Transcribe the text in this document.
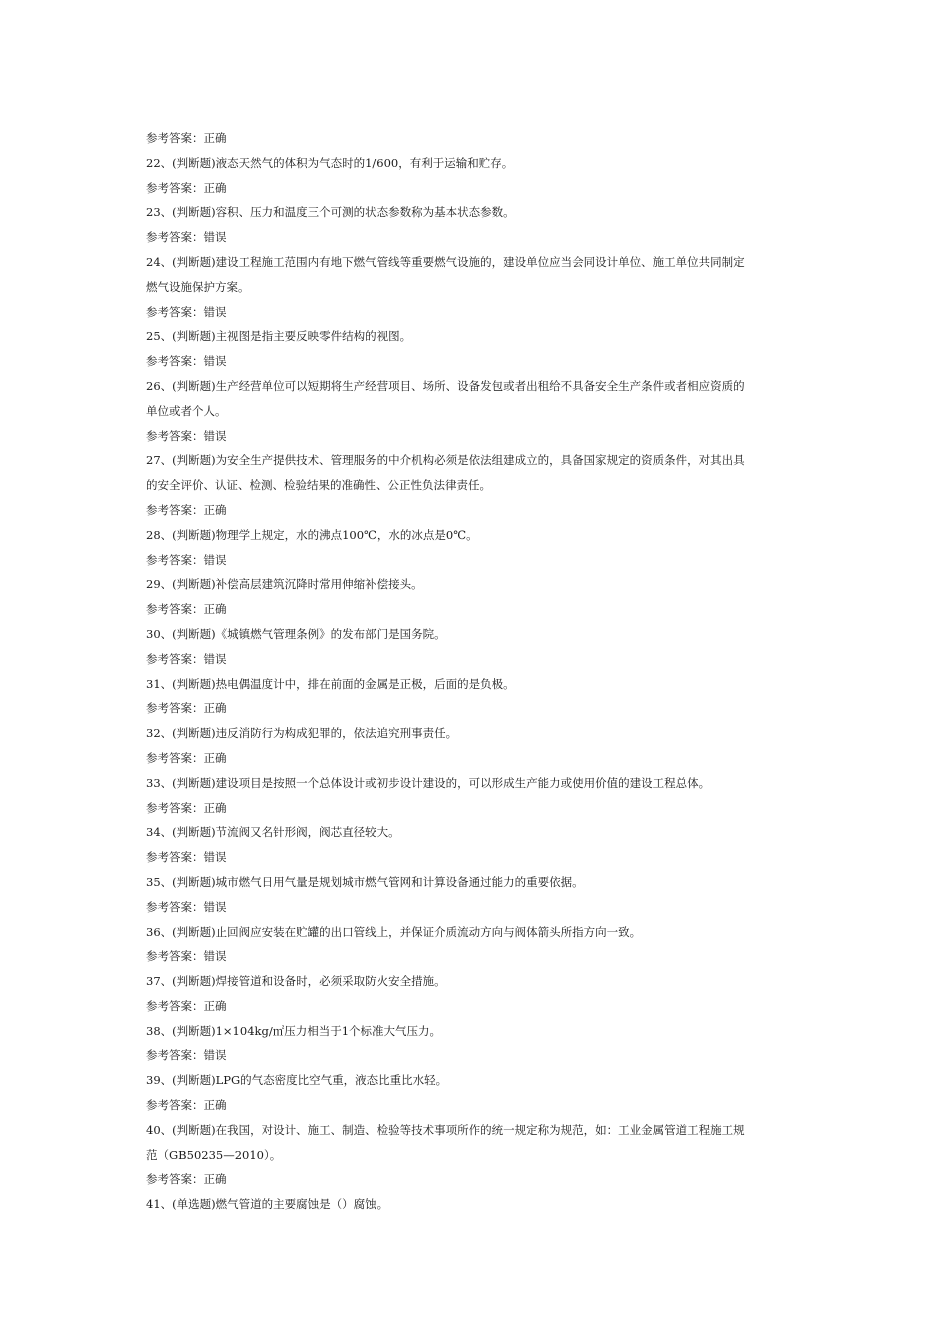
参考答案：正确
22、(判断题)液态天然气的体积为气态时的1/600，有利于运输和贮存。
参考答案：正确
23、(判断题)容积、压力和温度三个可测的状态参数称为基本状态参数。
参考答案：错误
24、(判断题)建设工程施工范围内有地下燃气管线等重要燃气设施的，建设单位应当会同设计单位、施工单位共同制定
燃气设施保护方案。
参考答案：错误
25、(判断题)主视图是指主要反映零件结构的视图。
参考答案：错误
26、(判断题)生产经营单位可以短期将生产经营项目、场所、设备发包或者出租给不具备安全生产条件或者相应资质的
单位或者个人。
参考答案：错误
27、(判断题)为安全生产提供技术、管理服务的中介机构必须是依法组建成立的，具备国家规定的资质条件，对其出具
的安全评价、认证、检测、检验结果的准确性、公正性负法律责任。
参考答案：正确
28、(判断题)物理学上规定，水的沸点100℃，水的冰点是0℃。
参考答案：错误
29、(判断题)补偿高层建筑沉降时常用伸缩补偿接头。
参考答案：正确
30、(判断题)《城镇燃气管理条例》的发布部门是国务院。
参考答案：错误
31、(判断题)热电偶温度计中，排在前面的金属是正极，后面的是负极。
参考答案：正确
32、(判断题)违反消防行为构成犯罪的，依法追究刑事责任。
参考答案：正确
33、(判断题)建设项目是按照一个总体设计或初步设计建设的，可以形成生产能力或使用价值的建设工程总体。
参考答案：正确
34、(判断题)节流阀又名针形阀，阀芯直径较大。
参考答案：错误
35、(判断题)城市燃气日用气量是规划城市燃气管网和计算设备通过能力的重要依据。
参考答案：错误
36、(判断题)止回阀应安装在贮罐的出口管线上，并保证介质流动方向与阀体箭头所指方向一致。
参考答案：错误
37、(判断题)焊接管道和设备时，必须采取防火安全措施。
参考答案：正确
38、(判断题)1×104kg/㎡压力相当于1个标准大气压力。
参考答案：错误
39、(判断题)LPG的气态密度比空气重，液态比重比水轻。
参考答案：正确
40、(判断题)在我国，对设计、施工、制造、检验等技术事项所作的统一规定称为规范，如：工业金属管道工程施工规
范（GB50235—2010）。
参考答案：正确
41、(单选题)燃气管道的主要腐蚀是（）腐蚀。
